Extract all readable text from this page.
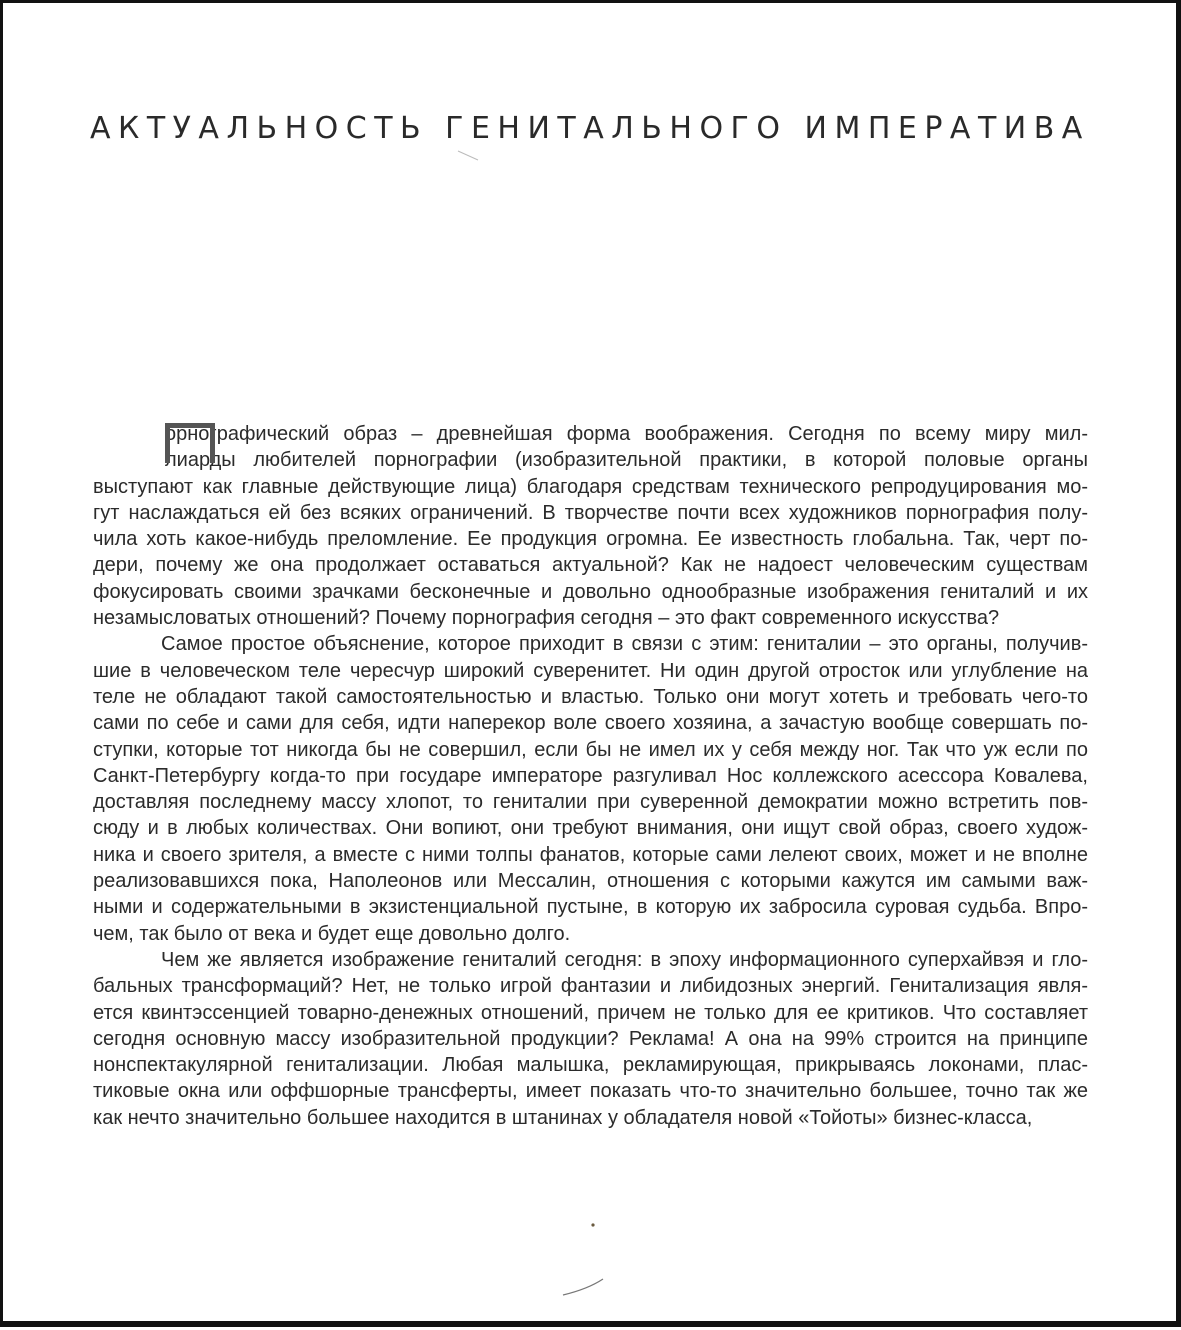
АКТУАЛЬНОСТЬ ГЕНИТАЛЬНОГО ИМПЕРАТИВА
орнографический образ – древнейшая форма воображения. Сегодня по всему миру мил-
лиарды любителей порнографии (изобразительной практики, в которой половые органы
выступают как главные действующие лица) благодаря средствам технического репродуцирования мо-
гут наслаждаться ей без всяких ограничений. В творчестве почти всех художников порнография полу-
чила хоть какое-нибудь преломление. Ее продукция огромна. Ее известность глобальна. Так, черт по-
дери, почему же она продолжает оставаться актуальной? Как не надоест человеческим существам
фокусировать своими зрачками бесконечные и довольно однообразные изображения гениталий и их
незамысловатых отношений? Почему порнография сегодня – это факт современного искусства?
Самое простое объяснение, которое приходит в связи с этим: гениталии – это органы, получив-
шие в человеческом теле чересчур широкий суверенитет. Ни один другой отросток или углубление на
теле не обладают такой самостоятельностью и властью. Только они могут хотеть и требовать чего-то
сами по себе и сами для себя, идти наперекор воле своего хозяина, а зачастую вообще совершать по-
ступки, которые тот никогда бы не совершил, если бы не имел их у себя между ног. Так что уж если по
Санкт-Петербургу когда-то при государе императоре разгуливал Нос коллежского асессора Ковалева,
доставляя последнему массу хлопот, то гениталии при суверенной демократии можно встретить пов-
сюду и в любых количествах. Они вопиют, они требуют внимания, они ищут свой образ, своего худож-
ника и своего зрителя, а вместе с ними толпы фанатов, которые сами лелеют своих, может и не вполне
реализовавшихся пока, Наполеонов или Мессалин, отношения с которыми кажутся им самыми важ-
ными и содержательными в экзистенциальной пустыне, в которую их забросила суровая судьба. Впро-
чем, так было от века и будет еще довольно долго.
Чем же является изображение гениталий сегодня: в эпоху информационного суперхайвэя и гло-
бальных трансформаций? Нет, не только игрой фантазии и либидозных энергий. Генитализация явля-
ется квинтэссенцией товарно-денежных отношений, причем не только для ее критиков. Что составляет
сегодня основную массу изобразительной продукции? Реклама! А она на 99% строится на принципе
нонспектакулярной генитализации. Любая малышка, рекламирующая, прикрываясь локонами, плас-
тиковые окна или оффшорные трансферты, имеет показать что-то значительно большее, точно так же
как нечто значительно большее находится в штанинах у обладателя новой «Тойоты» бизнес-класса,
